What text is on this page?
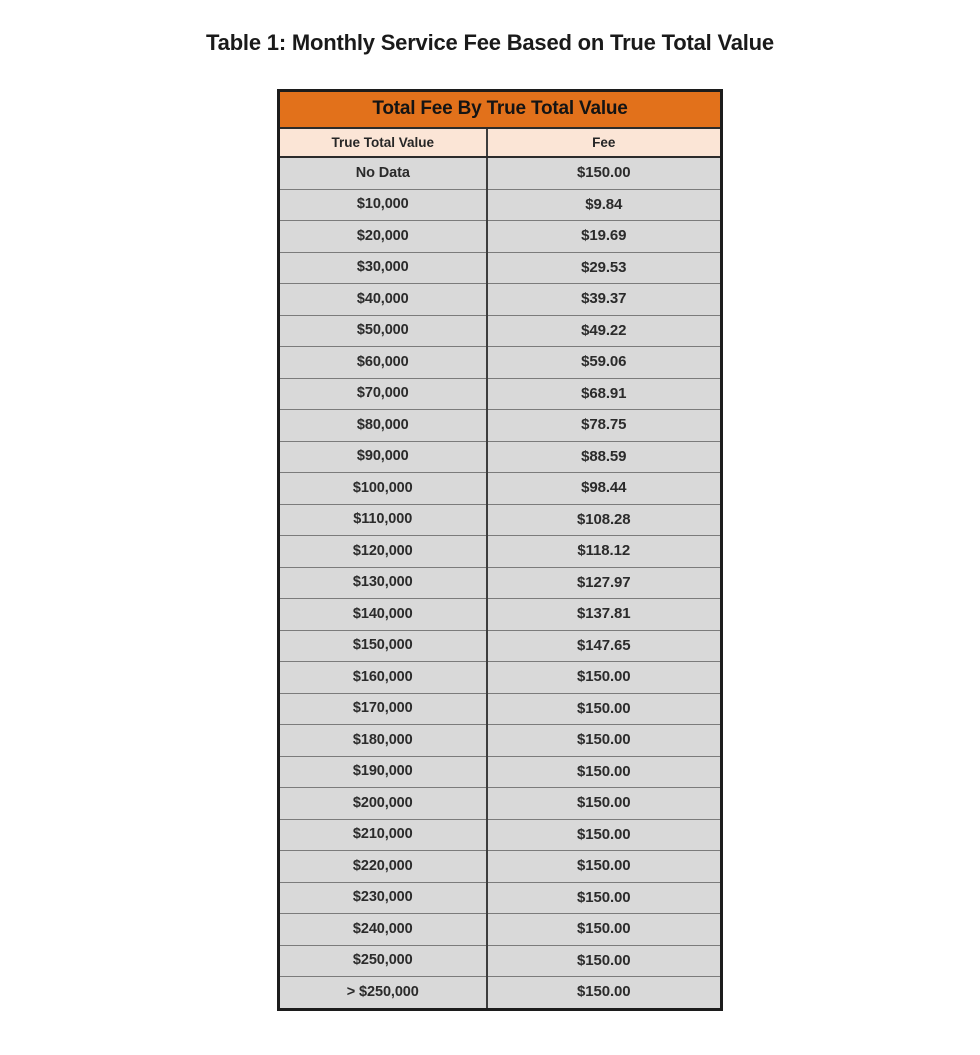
Table 1: Monthly Service Fee Based on True Total Value
Total Fee By True Total Value	
True Total Value	Fee
No Data	$150.00
$10,000	$9.84
$20,000	$19.69
$30,000	$29.53
$40,000	$39.37
$50,000	$49.22
$60,000	$59.06
$70,000	$68.91
$80,000	$78.75
$90,000	$88.59
$100,000	$98.44
$110,000	$108.28
$120,000	$118.12
$130,000	$127.97
$140,000	$137.81
$150,000	$147.65
$160,000	$150.00
$170,000	$150.00
$180,000	$150.00
$190,000	$150.00
$200,000	$150.00
$210,000	$150.00
$220,000	$150.00
$230,000	$150.00
$240,000	$150.00
$250,000	$150.00
> $250,000	$150.00
